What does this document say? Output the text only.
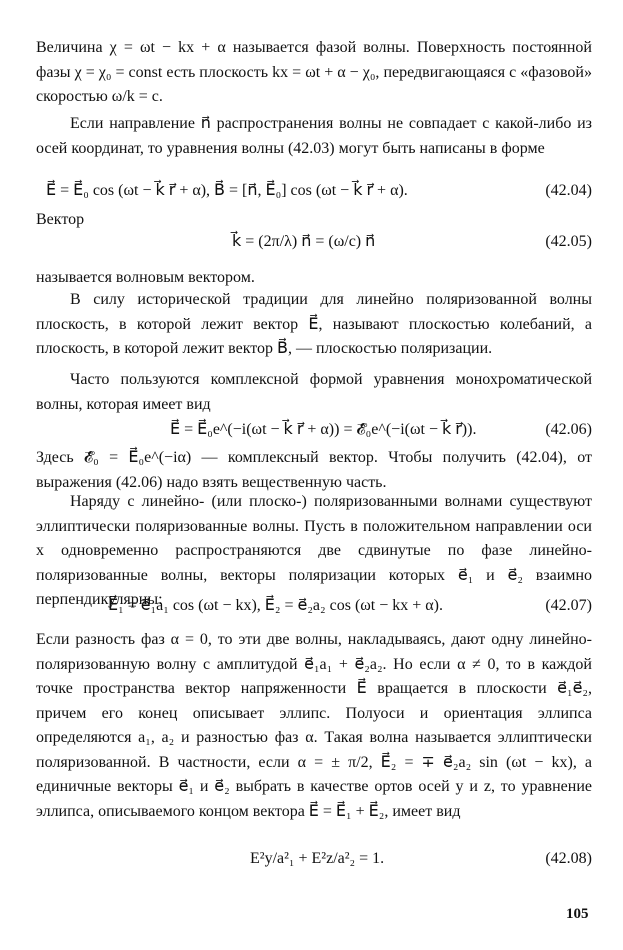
Величина χ = ωt − kx + α называется фазой волны. Поверхность постоянной фазы χ = χ₀ = const есть плоскость kx = ωt + α − χ₀, передвигающаяся с «фазовой» скоростью ω/k = c.

Если направление n⃗ распространения волны не совпадает с какой-либо из осей координат, то уравнения волны (42.03) могут быть написаны в форме

E⃗ = E⃗₀ cos (ωt − k⃗ r⃗ + α), B⃗ = [n⃗, E⃗₀] cos (ωt − k⃗ r⃗ + α).	(42.04)
Вектор
k⃗ = (2π/λ) n⃗ = (ω/c) n⃗	(42.05)

называется волновым вектором.

В силу исторической традиции для линейно поляризованной волны плоскость, в которой лежит вектор E⃗, называют плоскостью колебаний, а плоскость, в которой лежит вектор B⃗, — плоскостью поляризации.

Часто пользуются комплексной формой уравнения монохроматической волны, которая имеет вид

E⃗ = E⃗₀e^(−i(ωt − k⃗ r⃗ + α)) = 𝓔⃗₀e^(−i(ωt − k⃗ r⃗)).	(42.06)

Здесь 𝓔⃗₀ = E⃗₀e^(−iα) — комплексный вектор. Чтобы получить (42.04), от выражения (42.06) надо взять вещественную часть.

Наряду с линейно- (или плоско-) поляризованными волнами существуют эллиптически поляризованные волны. Пусть в положительном направлении оси x одновременно распространяются две сдвинутые по фазе линейно-поляризованные волны, векторы поляризации которых e⃗₁ и e⃗₂ взаимно перпендикулярны:

E⃗₁ = e⃗₁a₁ cos (ωt − kx), E⃗₂ = e⃗₂a₂ cos (ωt − kx + α).	(42.07)

Если разность фаз α = 0, то эти две волны, накладываясь, дают одну линейно-поляризованную волну с амплитудой e⃗₁a₁ + e⃗₂a₂. Но если α ≠ 0, то в каждой точке пространства вектор напряженности E⃗ вращается в плоскости e⃗₁e⃗₂, причем его конец описывает эллипс. Полуоси и ориентация эллипса определяются a₁, a₂ и разностью фаз α. Такая волна называется эллиптически поляризованной. В частности, если α = ± π/2, E⃗₂ = ∓ e⃗₂a₂ sin (ωt − kx), а единичные векторы e⃗₁ и e⃗₂ выбрать в качестве ортов осей y и z, то уравнение эллипса, описываемого концом вектора E⃗ = E⃗₁ + E⃗₂, имеет вид

E²y/a²₁ + E²z/a²₂ = 1.	(42.08)
105
